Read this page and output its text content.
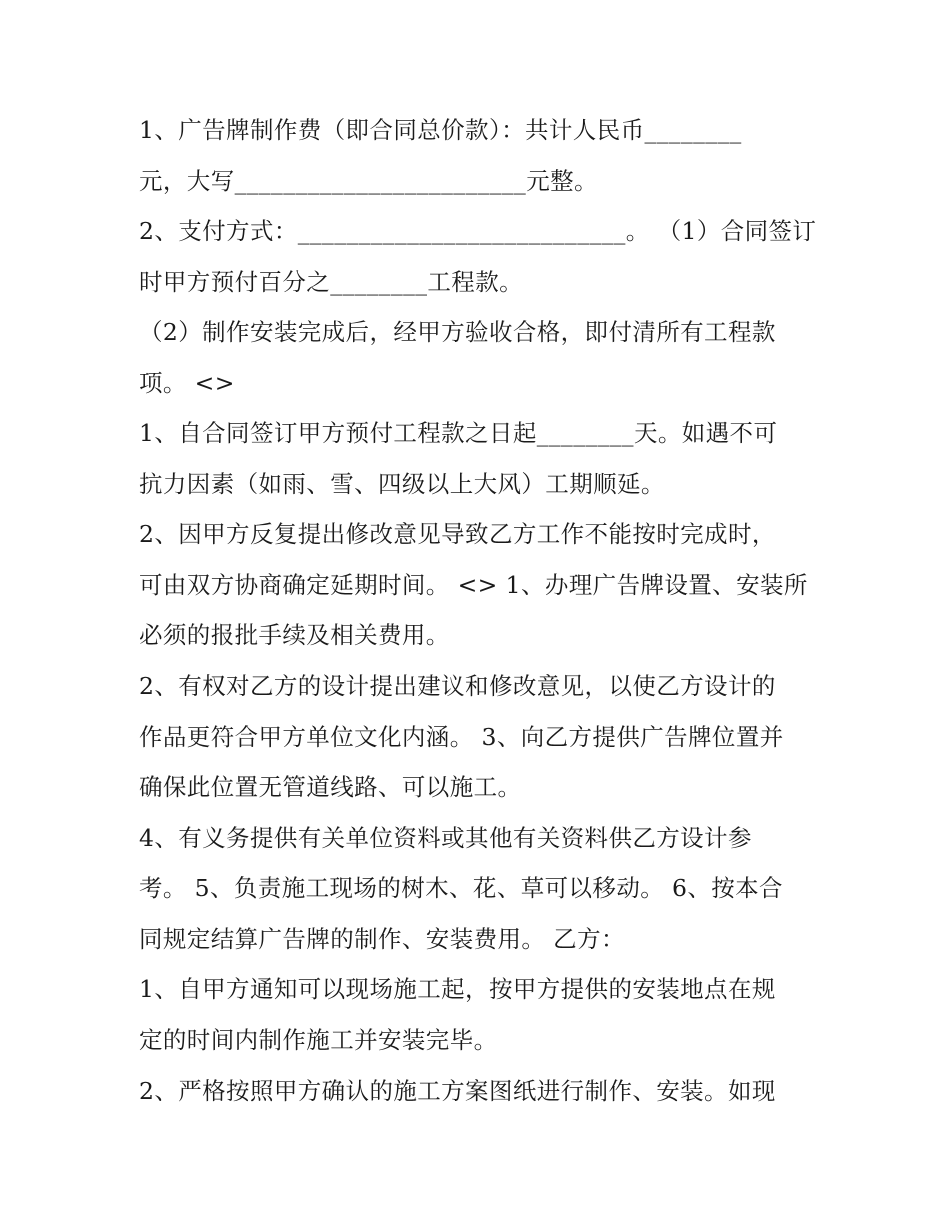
1、广告牌制作费（即合同总价款）：共计人民币________
元，大写________________________元整。
2、支付方式：___________________________。 （1）合同签订
时甲方预付百分之________工程款。
（2）制作安装完成后，经甲方验收合格，即付清所有工程款
项。 <>
1、自合同签订甲方预付工程款之日起________天。如遇不可
抗力因素（如雨、雪、四级以上大风）工期顺延。
2、因甲方反复提出修改意见导致乙方工作不能按时完成时，
可由双方协商确定延期时间。 <> 1、办理广告牌设置、安装所
必须的报批手续及相关费用。
2、有权对乙方的设计提出建议和修改意见，以使乙方设计的
作品更符合甲方单位文化内涵。 3、向乙方提供广告牌位置并
确保此位置无管道线路、可以施工。
4、有义务提供有关单位资料或其他有关资料供乙方设计参
考。 5、负责施工现场的树木、花、草可以移动。 6、按本合
同规定结算广告牌的制作、安装费用。 乙方：
1、自甲方通知可以现场施工起，按甲方提供的安装地点在规
定的时间内制作施工并安装完毕。
2、严格按照甲方确认的施工方案图纸进行制作、安装。如现
